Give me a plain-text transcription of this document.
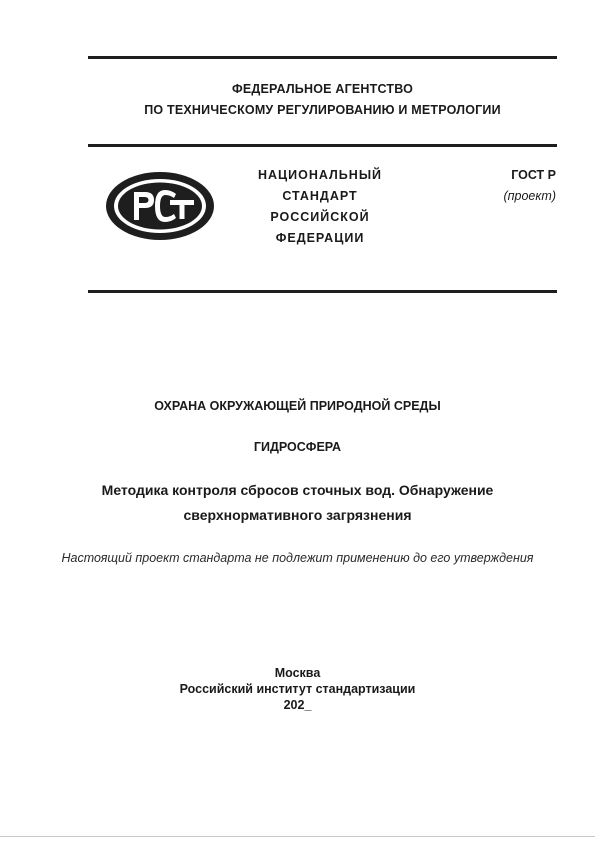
ФЕДЕРАЛЬНОЕ АГЕНТСТВО
ПО ТЕХНИЧЕСКОМУ РЕГУЛИРОВАНИЮ И МЕТРОЛОГИИ
НАЦИОНАЛЬНЫЙ
СТАНДАРТ
РОССИЙСКОЙ
ФЕДЕРАЦИИ
ГОСТ Р
(проект)
ОХРАНА ОКРУЖАЮЩЕЙ ПРИРОДНОЙ СРЕДЫ
ГИДРОСФЕРА
Методика контроля сбросов сточных вод. Обнаружение
сверхнормативного загрязнения
Настоящий проект стандарта не подлежит применению до его утверждения
Москва
Российский институт стандартизации
202_
